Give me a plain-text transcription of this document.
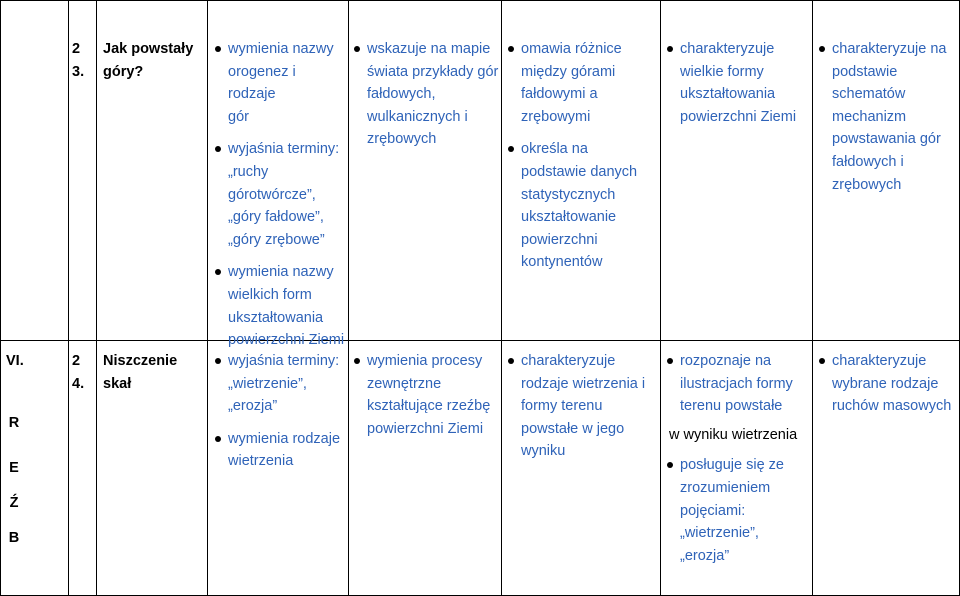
2
3.
Jak powstały
góry?

wymienia nazwy
orogenez i rodzaje
gór

wyjaśnia terminy:
„ruchy
górotwórcze”,
„góry fałdowe”,
„góry zrębowe”

wymienia nazwy
wielkich form
ukształtowania
powierzchni Ziemi

wskazuje na mapie
świata przykłady gór
fałdowych,
wulkanicznych i
zrębowych

omawia różnice
między górami
fałdowymi a
zrębowymi

określa na
podstawie danych
statystycznych
ukształtowanie
powierzchni
kontynentów

charakteryzuje
wielkie formy
ukształtowania
powierzchni Ziemi

charakteryzuje na
podstawie
schematów
mechanizm
powstawania gór
fałdowych i
zrębowych

VI.
R
E
Ź
B
2
4.
Niszczenie skał

wyjaśnia terminy:
„wietrzenie”,
„erozja”

wymienia rodzaje
wietrzenia

wymienia procesy
zewnętrzne
kształtujące rzeźbę
powierzchni Ziemi

charakteryzuje
rodzaje wietrzenia i
formy terenu
powstałe w jego
wyniku

rozpoznaje na
ilustracjach formy
terenu powstałe

w wyniku wietrzenia

posługuje się ze
zrozumieniem
pojęciami:
„wietrzenie”,
„erozja”

charakteryzuje
wybrane rodzaje
ruchów masowych
